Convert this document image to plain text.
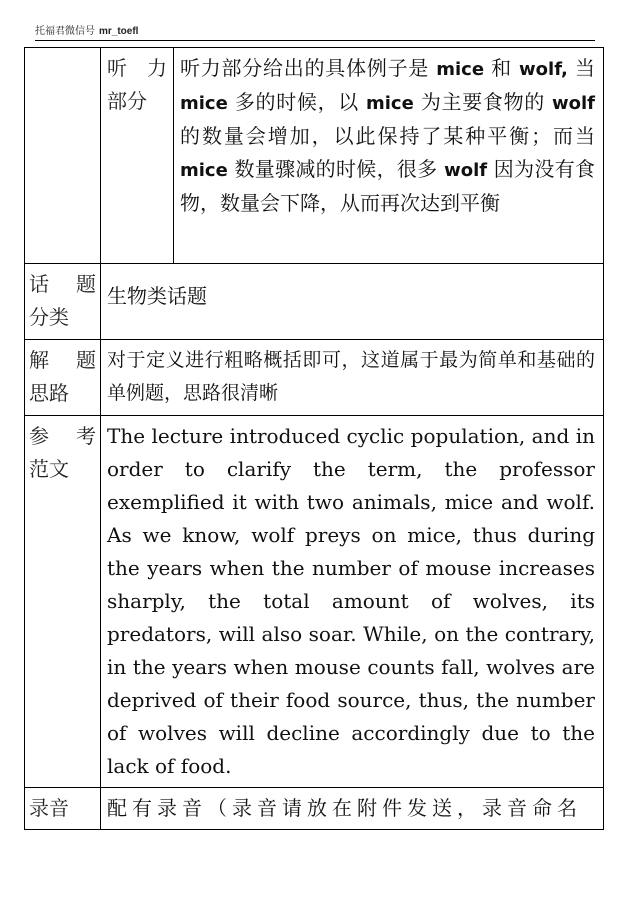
托福君微信号 mr_toefl

	听　力
部分	听力部分给出的具体例子是 mice 和 wolf, 当 mice 多的时候，以 mice 为主要食物的 wolf 的数量会增加，以此保持了某种平衡；而当 mice 数量骤减的时候，很多 wolf 因为没有食物，数量会下降，从而再次达到平衡

话　题
分类	生物类话题	

解　题
思路	对于定义进行粗略概括即可，这道属于最为简单和基础的单例题，思路很清晰	

参　考
范文	The lecture introduced cyclic population, and in order to clarify the term, the professor exemplified it with two animals, mice and wolf. As we know, wolf preys on mice, thus during the years when the number of mouse increases sharply, the total amount of wolves, its predators, will also soar. While, on the contrary, in the years when mouse counts fall, wolves are deprived of their food source, thus, the number of wolves will decline accordingly due to the lack of food.	

录音	配有录音（录音请放在附件发送，录音命名	
